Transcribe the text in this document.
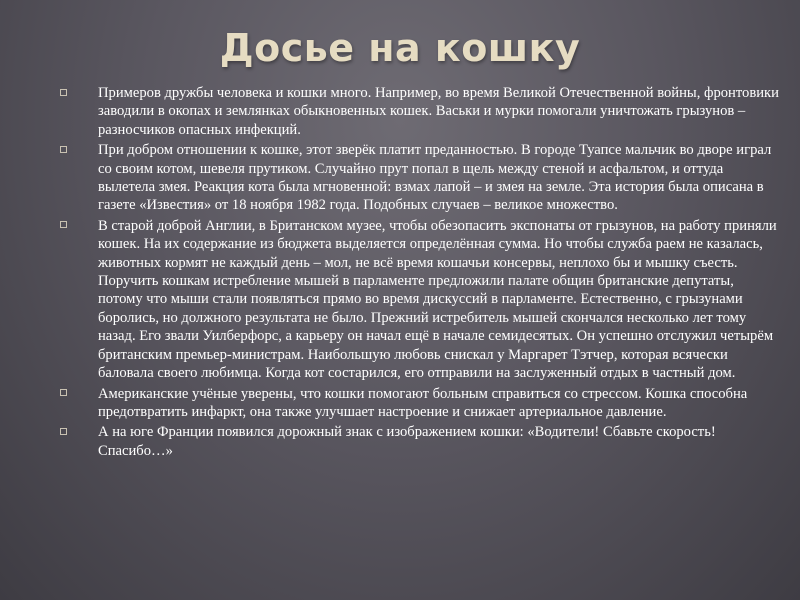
Досье на кошку
Примеров дружбы человека и кошки много. Например, во время Великой Отечественной войны, фронтовики заводили в окопах и землянках обыкновенных кошек. Васьки и мурки помогали уничтожать грызунов – разносчиков опасных инфекций.
При добром отношении к кошке, этот зверёк платит преданностью. В городе Туапсе мальчик во дворе играл со своим котом, шевеля прутиком. Случайно прут попал в щель между стеной и асфальтом, и оттуда вылетела змея. Реакция кота была мгновенной: взмах лапой – и змея на земле. Эта история была описана в газете «Известия» от 18 ноября 1982 года. Подобных случаев – великое множество.
В старой доброй Англии, в Британском музее, чтобы обезопасить экспонаты от грызунов, на работу приняли кошек. На их содержание из бюджета выделяется определённая сумма. Но чтобы служба раем не казалась, животных кормят не каждый день – мол, не всё время кошачьи консервы, неплохо бы и мышку съесть. Поручить кошкам истребление мышей в парламенте предложили палате общин британские депутаты, потому что мыши стали появляться прямо во время дискуссий в парламенте. Естественно, с грызунами боролись, но должного результата не было. Прежний истребитель мышей скончался несколько лет тому назад. Его звали Уилберфорс, а карьеру он начал ещё в начале семидесятых. Он успешно отслужил четырём британским премьер-министрам. Наибольшую любовь снискал у Маргарет Тэтчер, которая всячески баловала своего любимца. Когда кот состарился, его отправили на заслуженный отдых в частный дом.
Американские учёные уверены, что кошки помогают больным справиться со стрессом. Кошка способна предотвратить инфаркт, она также улучшает настроение и снижает артериальное давление.
А на юге Франции появился дорожный знак с изображением кошки: «Водители! Сбавьте скорость! Спасибо…»
